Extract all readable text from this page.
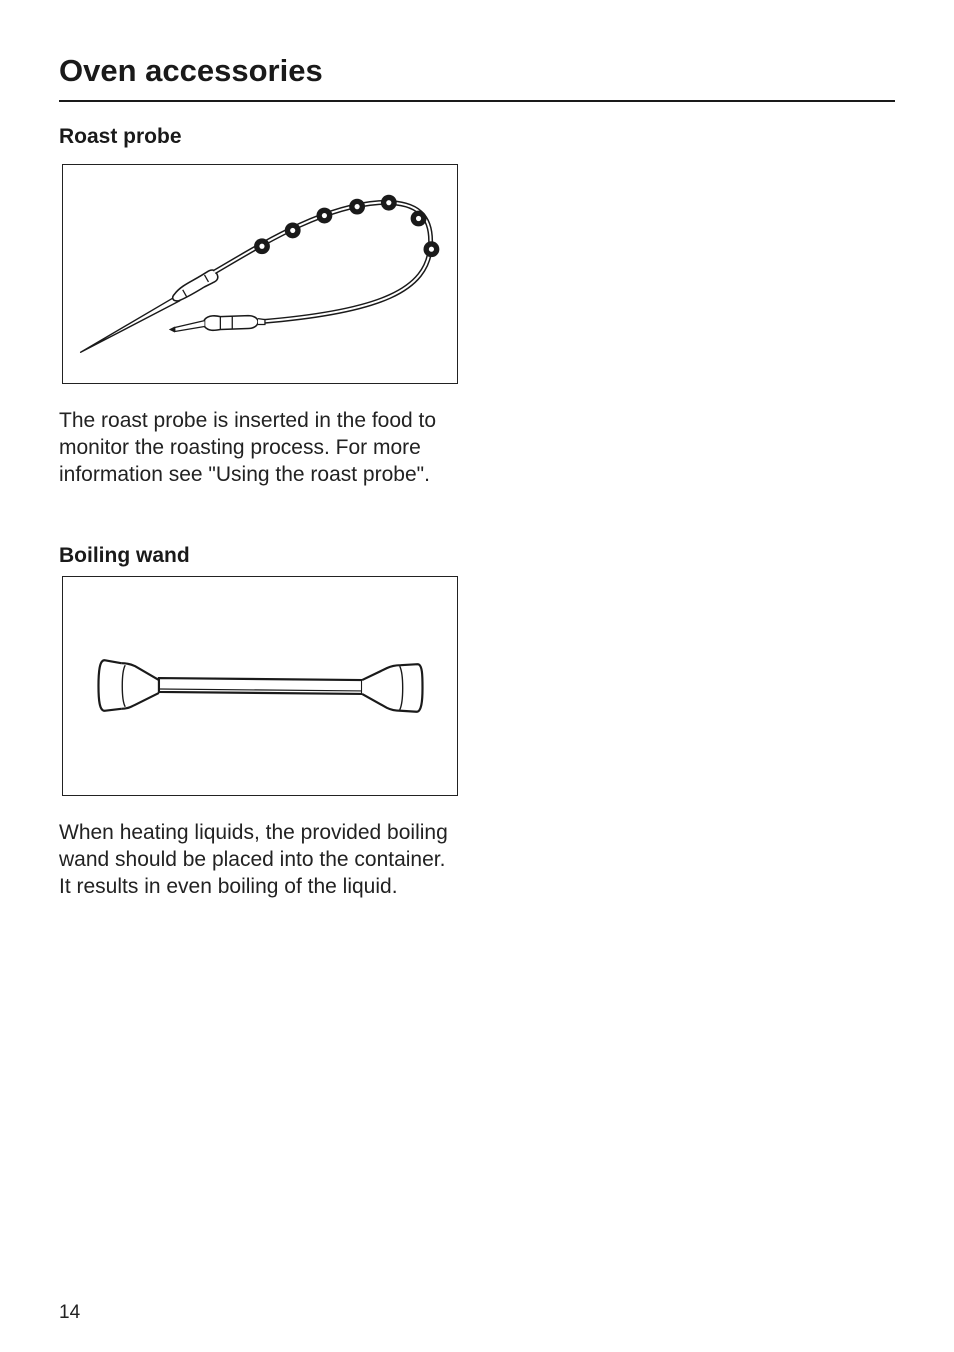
Oven accessories
Roast probe

The roast probe is inserted in the food to monitor the roasting process. For more information see "Using the roast probe".

Boiling wand

When heating liquids, the provided boiling wand should be placed into the container. It results in even boiling of the liquid.

14
